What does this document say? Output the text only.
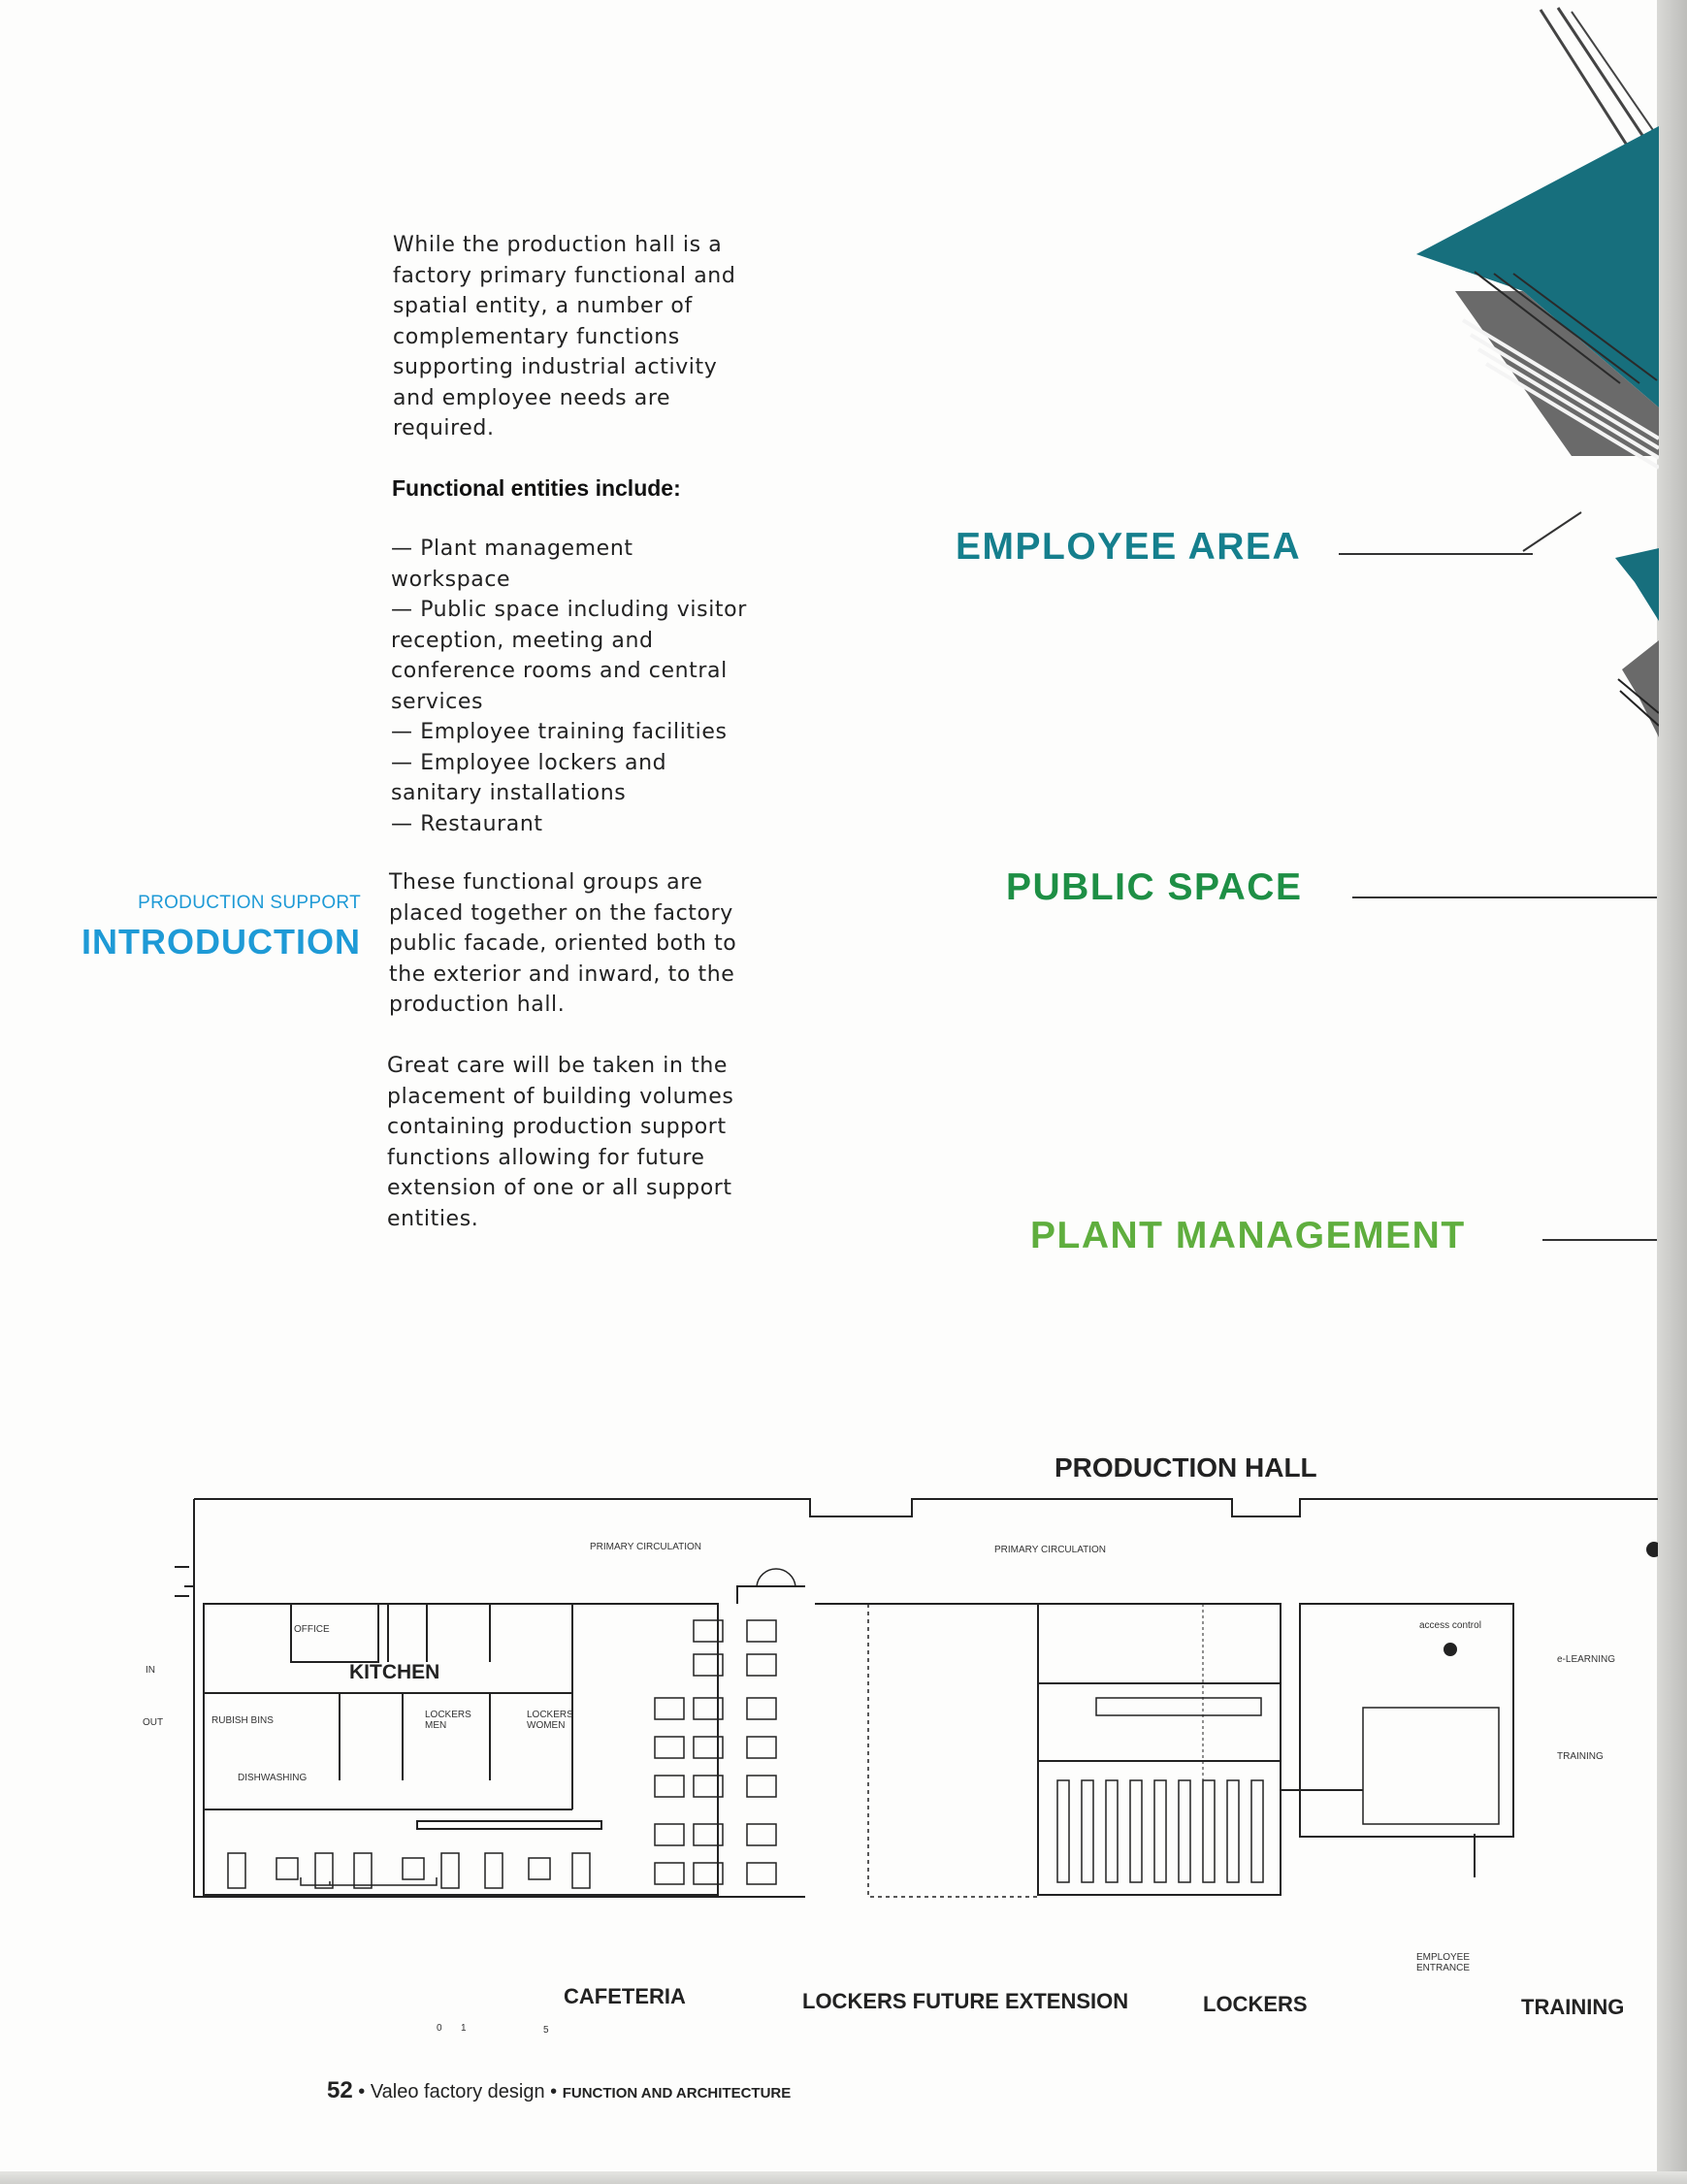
While the production hall is a factory primary functional and spatial entity, a number of complementary functions supporting industrial activity and employee needs are required.
Functional entities include:
— Plant management workspace
— Public space including visitor reception, meeting and conference rooms and central services
— Employee training facilities
— Employee lockers and sanitary installations
— Restaurant
These functional groups are placed together on the factory public facade, oriented both to the exterior and inward, to the production hall.
Great care will be taken in the placement of building volumes containing production support functions allowing for future extension of one or all support entities.
PRODUCTION SUPPORT
INTRODUCTION
EMPLOYEE AREA
PUBLIC SPACE
PLANT MANAGEMENT
PRODUCTION HALL
PRIMARY CIRCULATION	PRIMARY CIRCULATION
OFFICE
KITCHEN
RUBISH BINS
DISHWASHING
LOCKERS MEN
LOCKERS WOMEN
access control
e-LEARNING
TRAINING
EMPLOYEE ENTRANCE
IN
OUT
CAFETERIA	LOCKERS FUTURE EXTENSION	LOCKERS	TRAINING
0 1	5
52 • Valeo factory design • FUNCTION AND ARCHITECTURE
